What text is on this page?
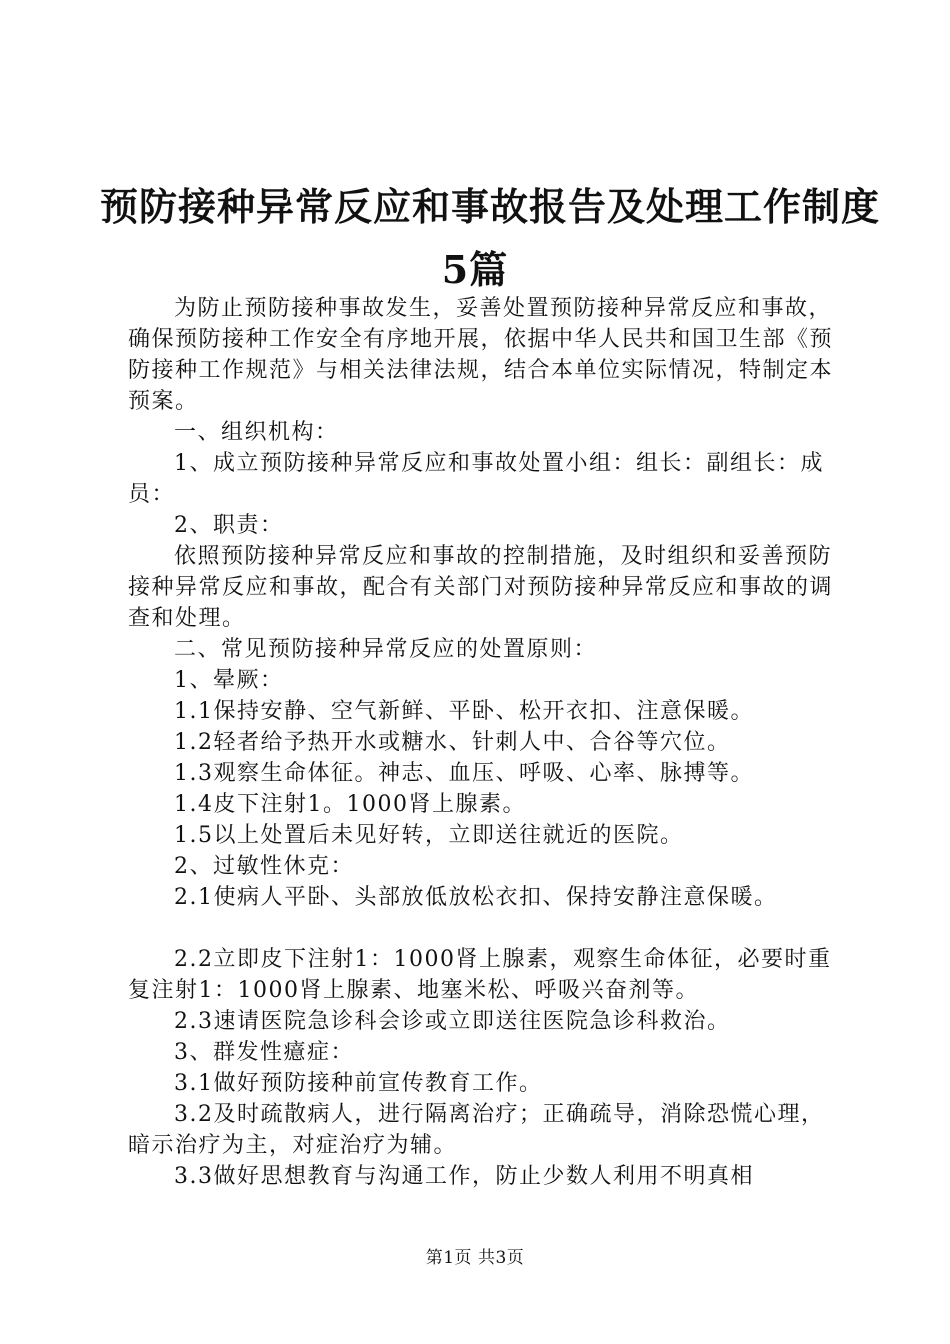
预防接种异常反应和事故报告及处理工作制度
5篇

为防止预防接种事故发生，妥善处置预防接种异常反应和事故，确保预防接种工作安全有序地开展，依据中华人民共和国卫生部《预防接种工作规范》与相关法律法规，结合本单位实际情况，特制定本预案。

一、组织机构：

1、成立预防接种异常反应和事故处置小组：组长：副组长：成员：

2、职责：

依照预防接种异常反应和事故的控制措施，及时组织和妥善预防接种异常反应和事故，配合有关部门对预防接种异常反应和事故的调查和处理。

二、常见预防接种异常反应的处置原则：

1、晕厥：

1.1保持安静、空气新鲜、平卧、松开衣扣、注意保暖。

1.2轻者给予热开水或糖水、针刺人中、合谷等穴位。

1.3观察生命体征。神志、血压、呼吸、心率、脉搏等。

1.4皮下注射1。1000肾上腺素。

1.5以上处置后未见好转，立即送往就近的医院。

2、过敏性休克：

2.1使病人平卧、头部放低放松衣扣、保持安静注意保暖。

2.2立即皮下注射1：1000肾上腺素，观察生命体征，必要时重复注射1：1000肾上腺素、地塞米松、呼吸兴奋剂等。

2.3速请医院急诊科会诊或立即送往医院急诊科救治。

3、群发性癔症：

3.1做好预防接种前宣传教育工作。

3.2及时疏散病人，进行隔离治疗；正确疏导，消除恐慌心理，暗示治疗为主，对症治疗为辅。

3.3做好思想教育与沟通工作，防止少数人利用不明真相

第1页 共3页
